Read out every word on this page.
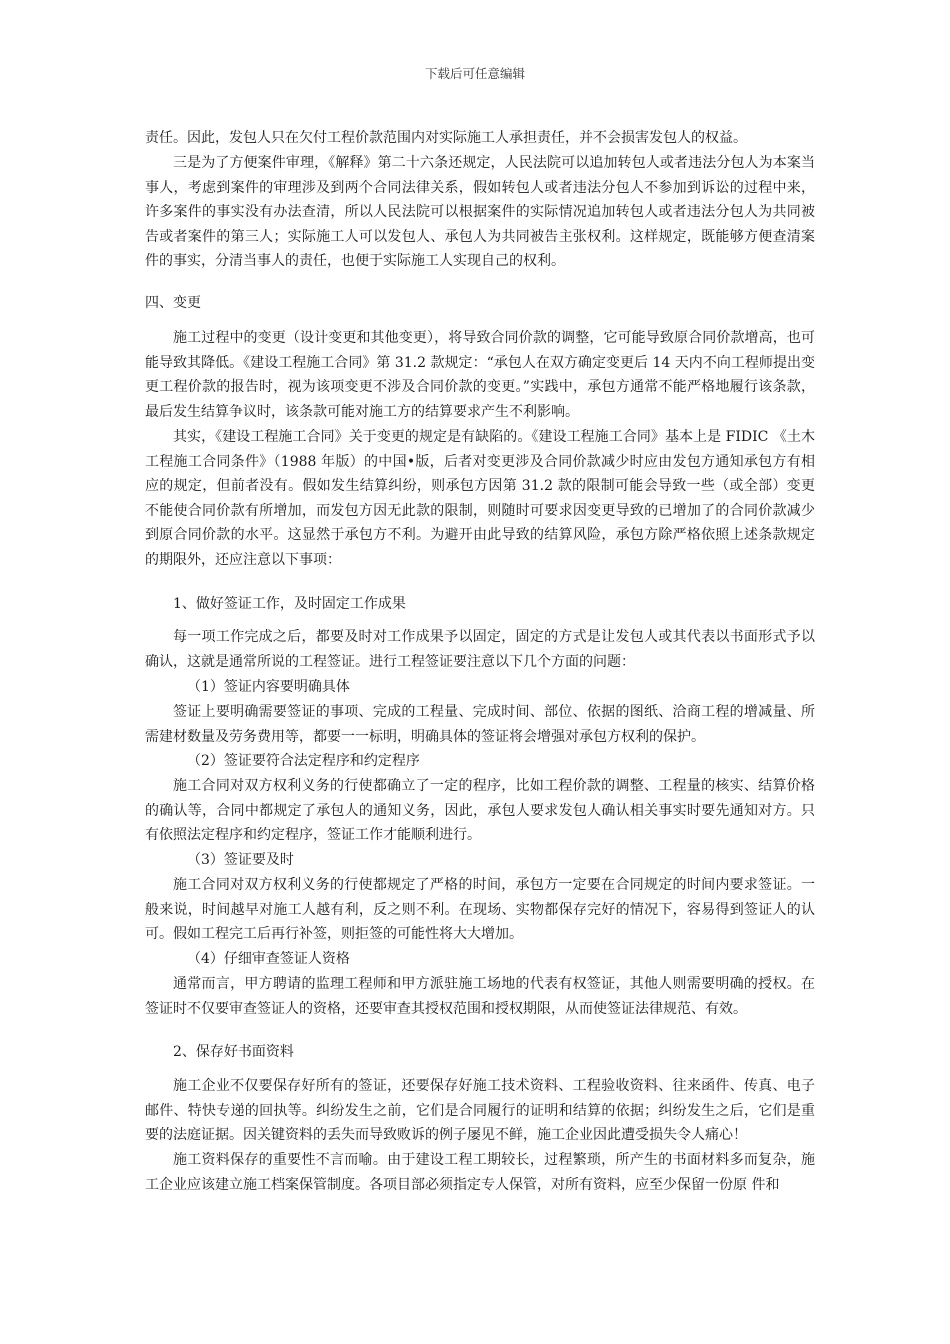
下载后可任意编辑

责任。因此，发包人只在欠付工程价款范围内对实际施工人承担责任，并不会损害发包人的权益。

三是为了方便案件审理，《解释》第二十六条还规定，人民法院可以追加转包人或者违法分包人为本案当事人，考虑到案件的审理涉及到两个合同法律关系，假如转包人或者违法分包人不参加到诉讼的过程中来，许多案件的事实没有办法查清，所以人民法院可以根据案件的实际情况追加转包人或者违法分包人为共同被告或者案件的第三人；实际施工人可以发包人、承包人为共同被告主张权利。这样规定，既能够方便查清案件的事实，分清当事人的责任，也便于实际施工人实现自己的权利。

四、变更

施工过程中的变更（设计变更和其他变更），将导致合同价款的调整，它可能导致原合同价款增高，也可能导致其降低。《建设工程施工合同》第 31.2 款规定：“承包人在双方确定变更后 14 天内不向工程师提出变更工程价款的报告时，视为该项变更不涉及合同价款的变更。”实践中，承包方通常不能严格地履行该条款，最后发生结算争议时，该条款可能对施工方的结算要求产生不利影响。

其实，《建设工程施工合同》关于变更的规定是有缺陷的。《建设工程施工合同》基本上是 FIDIC 《土木工程施工合同条件》（1988 年版）的中国•版，后者对变更涉及合同价款减少时应由发包方通知承包方有相应的规定，但前者没有。假如发生结算纠纷，则承包方因第 31.2 款的限制可能会导致一些（或全部）变更不能使合同价款有所增加，而发包方因无此款的限制，则随时可要求因变更导致的已增加了的合同价款减少到原合同价款的水平。这显然于承包方不利。为避开由此导致的结算风险，承包方除严格依照上述条款规定的期限外，还应注意以下事项：

1、做好签证工作，及时固定工作成果

每一项工作完成之后，都要及时对工作成果予以固定，固定的方式是让发包人或其代表以书面形式予以确认，这就是通常所说的工程签证。进行工程签证要注意以下几个方面的问题：

（1）签证内容要明确具体

签证上要明确需要签证的事项、完成的工程量、完成时间、部位、依据的图纸、洽商工程的增减量、所需建材数量及劳务费用等，都要一一标明，明确具体的签证将会增强对承包方权利的保护。

（2）签证要符合法定程序和约定程序

施工合同对双方权利义务的行使都确立了一定的程序，比如工程价款的调整、工程量的核实、结算价格的确认等，合同中都规定了承包人的通知义务，因此，承包人要求发包人确认相关事实时要先通知对方。只有依照法定程序和约定程序，签证工作才能顺利进行。

（3）签证要及时

施工合同对双方权利义务的行使都规定了严格的时间，承包方一定要在合同规定的时间内要求签证。一般来说，时间越早对施工人越有利，反之则不利。在现场、实物都保存完好的情况下，容易得到签证人的认可。假如工程完工后再行补签，则拒签的可能性将大大增加。

（4）仔细审查签证人资格

通常而言，甲方聘请的监理工程师和甲方派驻施工场地的代表有权签证，其他人则需要明确的授权。在签证时不仅要审查签证人的资格，还要审查其授权范围和授权期限，从而使签证法律规范、有效。

2、保存好书面资料

施工企业不仅要保存好所有的签证，还要保存好施工技术资料、工程验收资料、往来函件、传真、电子邮件、特快专递的回执等。纠纷发生之前，它们是合同履行的证明和结算的依据；纠纷发生之后，它们是重要的法庭证据。因关键资料的丢失而导致败诉的例子屡见不鲜，施工企业因此遭受损失令人痛心！

施工资料保存的重要性不言而喻。由于建设工程工期较长，过程繁琐，所产生的书面材料多而复杂，施工企业应该建立施工档案保管制度。各项目部必须指定专人保管，对所有资料，应至少保留一份原 件和
